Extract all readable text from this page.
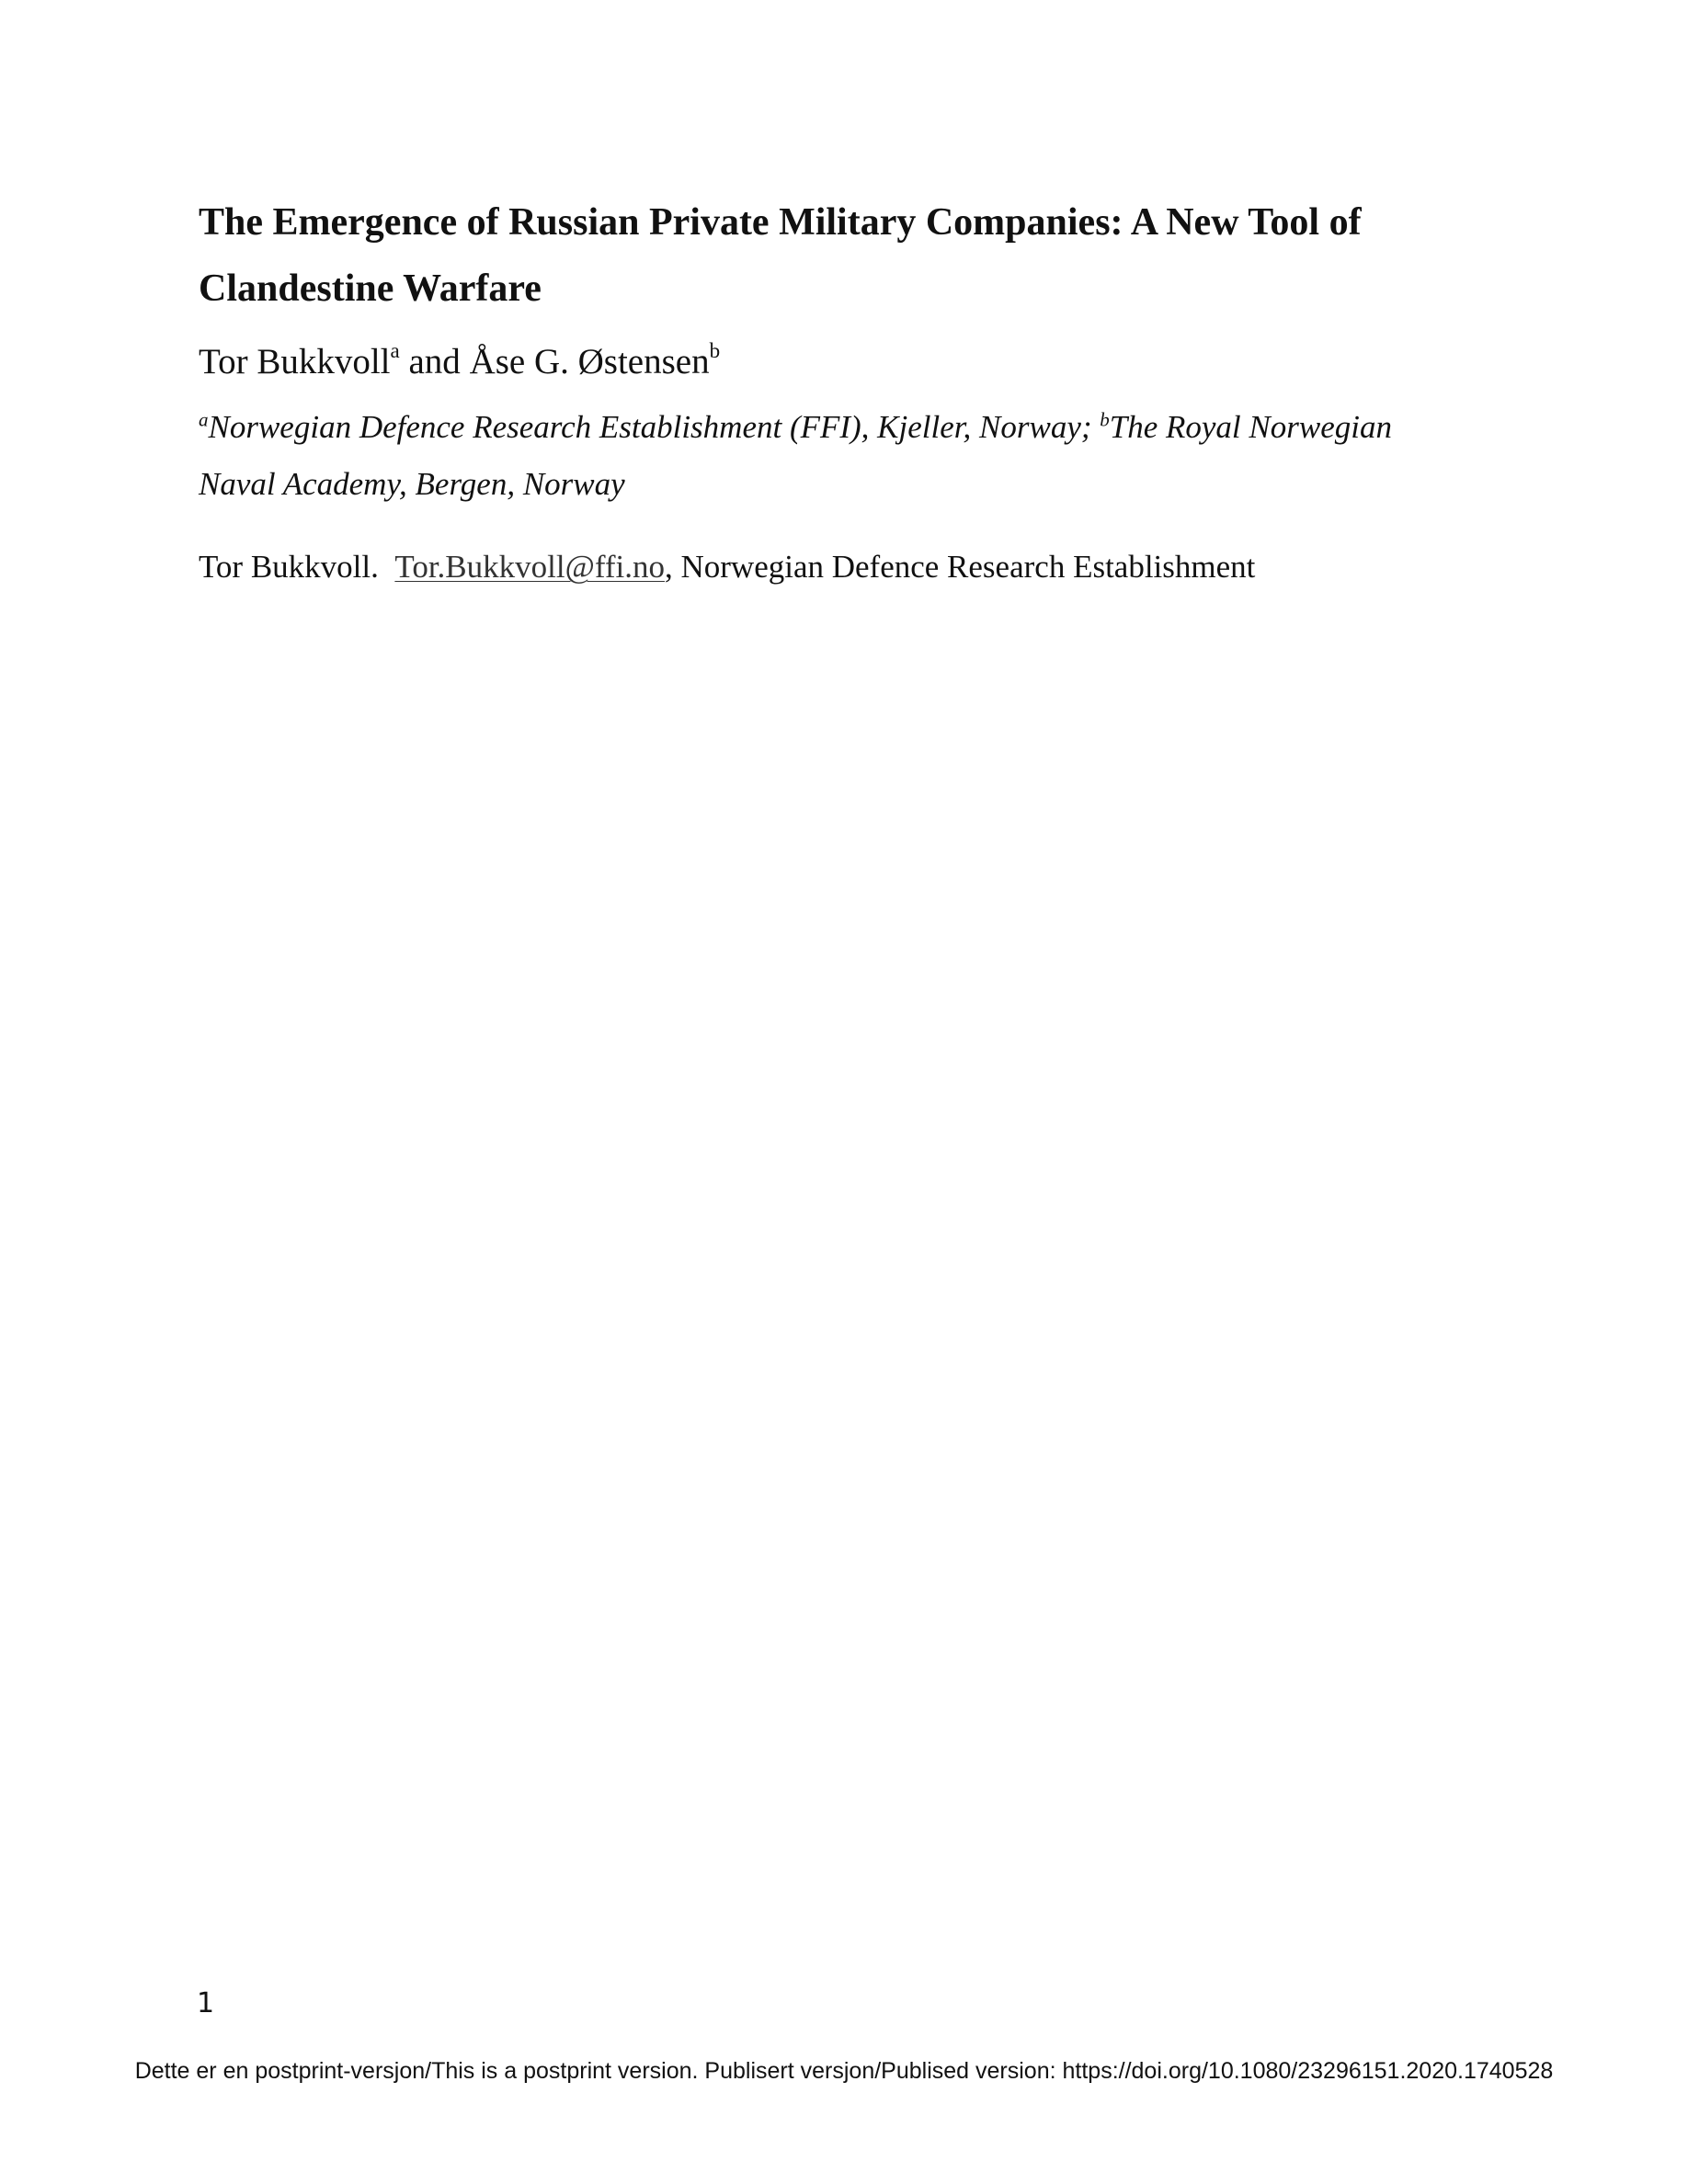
The Emergence of Russian Private Military Companies: A New Tool of
Clandestine Warfare
Tor Bukkvoll$^a$ and Åse G. Østensen$^b$
$^a$Norwegian Defence Research Establishment (FFI), Kjeller, Norway; $^b$The Royal Norwegian
Naval Academy, Bergen, Norway
Tor Bukkvoll. Tor.Bukkvoll@ffi.no, Norwegian Defence Research Establishment
1
Dette er en postprint-versjon/This is a postprint version. Publisert versjon/Publised version: https://doi.org/10.1080/23296151.2020.1740528
